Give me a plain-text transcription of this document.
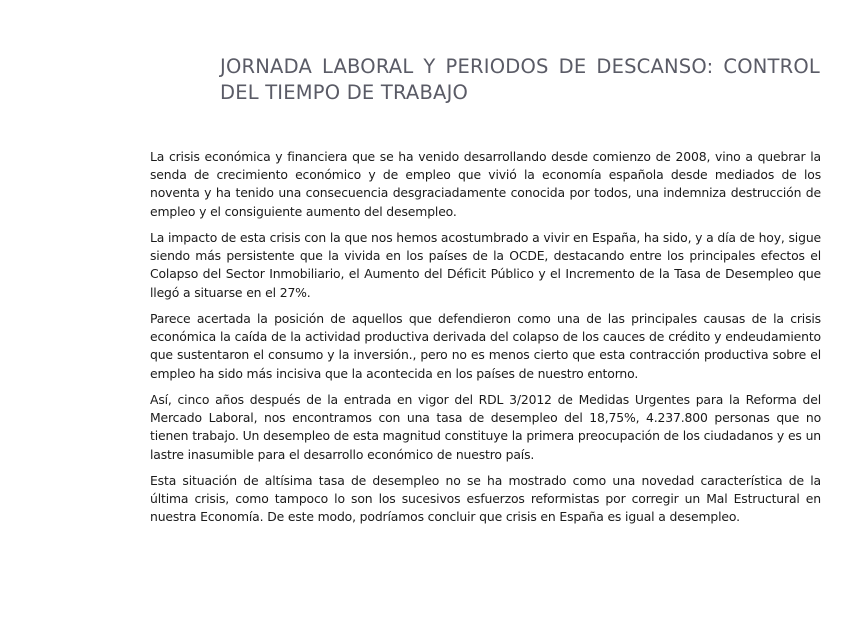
JORNADA LABORAL Y PERIODOS DE DESCANSO: CONTROL DEL TIEMPO DE TRABAJO

La crisis económica y financiera que se ha venido desarrollando desde comienzo de 2008, vino a quebrar la senda de crecimiento económico y de empleo que vivió la economía española desde mediados de los noventa y ha tenido una consecuencia desgraciadamente conocida por todos, una indemniza destrucción de empleo y el consiguiente aumento del desempleo.

La impacto de esta crisis con la que nos hemos acostumbrado a vivir en España, ha sido, y a día de hoy, sigue siendo más persistente que la vivida en los países de la OCDE, destacando entre los principales efectos el Colapso del Sector Inmobiliario, el Aumento del Déficit Público y el Incremento de la Tasa de Desempleo que llegó a situarse en el 27%.

Parece acertada la posición de aquellos que defendieron como una de las principales causas de la crisis económica la caída de la actividad productiva derivada del colapso de los cauces de crédito y endeudamiento que sustentaron el consumo y la inversión., pero no es menos cierto que esta contracción productiva sobre el empleo ha sido más incisiva que la acontecida en los países de nuestro entorno.

Así, cinco años después de la entrada en vigor del RDL 3/2012 de Medidas Urgentes para la Reforma del Mercado Laboral, nos encontramos con una tasa de desempleo del 18,75%, 4.237.800 personas que no tienen trabajo. Un desempleo de esta magnitud constituye la primera preocupación de los ciudadanos y es un lastre inasumible para el desarrollo económico de nuestro país.

Esta situación de altísima tasa de desempleo no se ha mostrado como una novedad característica de la última crisis, como tampoco lo son los sucesivos esfuerzos reformistas por corregir un Mal Estructural en nuestra Economía. De este modo, podríamos concluir que crisis en España es igual a desempleo.
